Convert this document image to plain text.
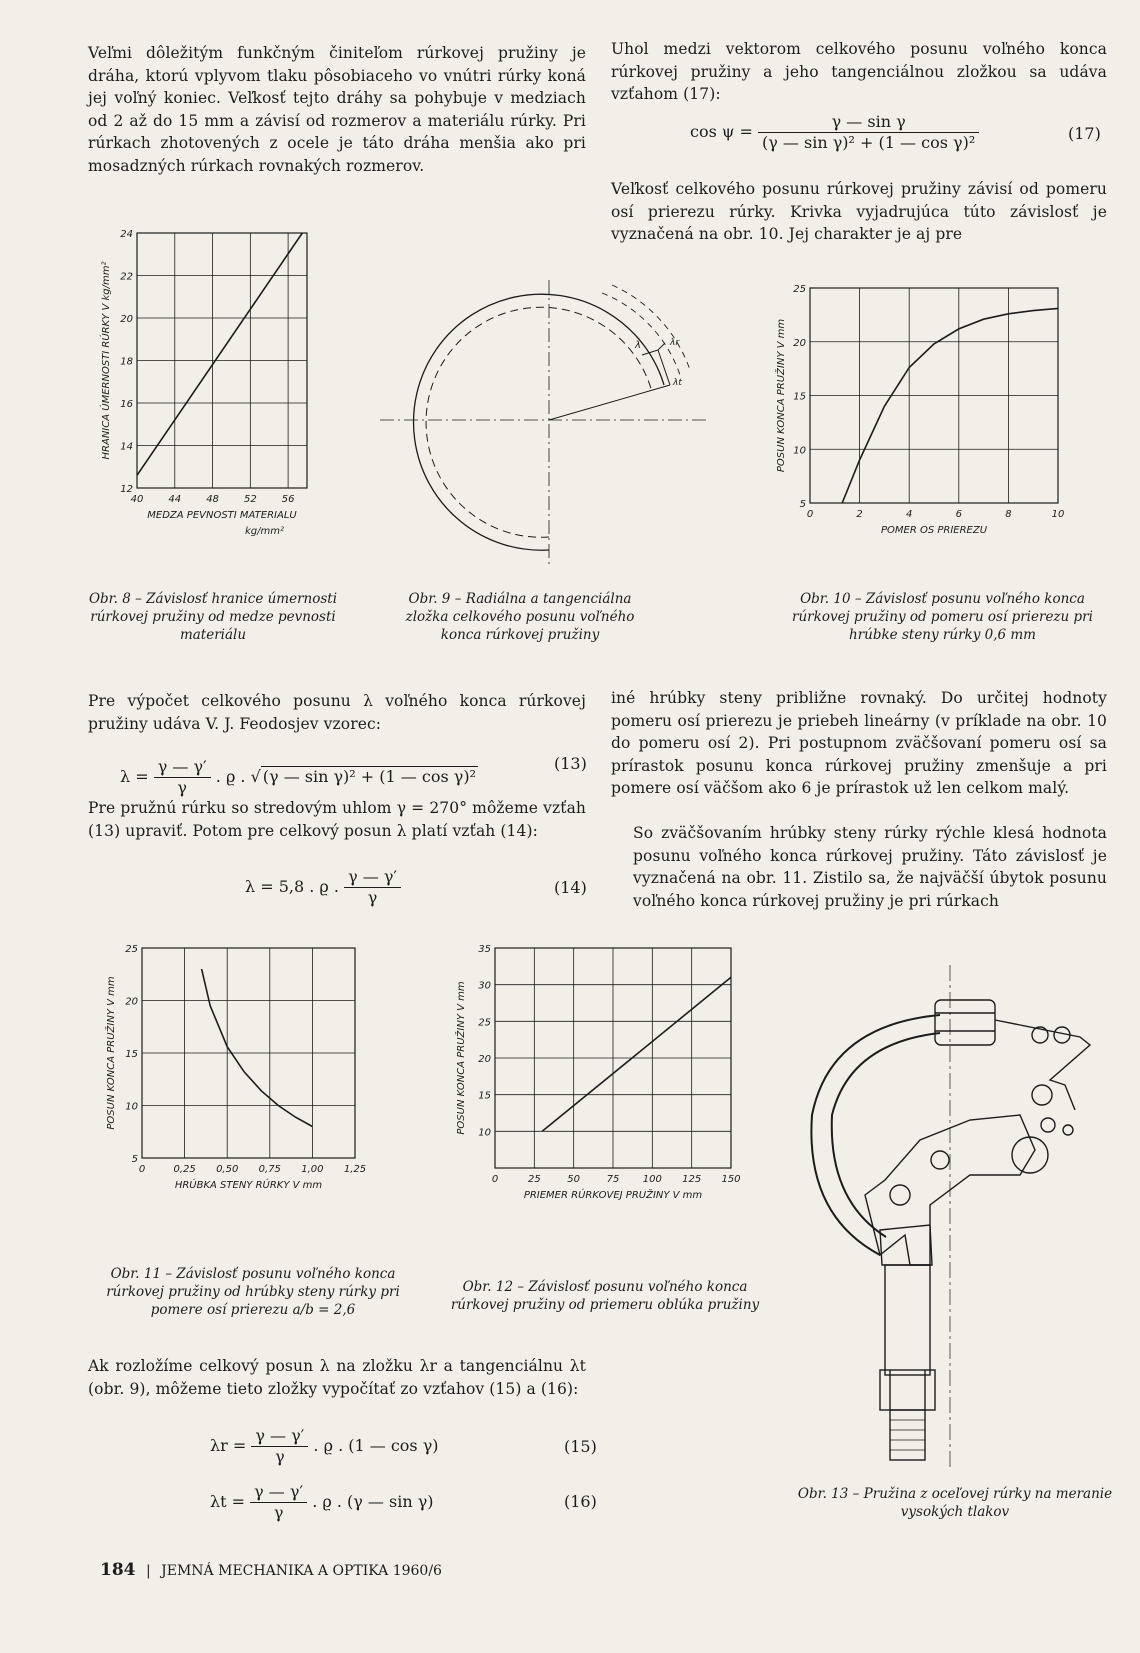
Veľmi dôležitým funkčným činiteľom rúrkovej pružiny je dráha, ktorú vplyvom tlaku pôsobiaceho vo vnútri rúrky koná jej voľný koniec. Veľkosť tejto dráhy sa pohybuje v medziach od 2 až do 15 mm a závisí od rozmerov a materiálu rúrky. Pri rúrkach zhotovených z ocele je táto dráha menšia ako pri mosadzných rúrkach rovnakých rozmerov.
Uhol medzi vektorom celkového posunu voľného konca rúrkovej pružiny a jeho tangenciálnou zložkou sa udáva vzťahom (17):
$\cos \psi = \frac{\text{γ — sin γ}}{\text{(γ — sin γ)² + (1 — cos γ)²}}$	(17)
Veľkosť celkového posunu rúrkovej pružiny závisí od pomeru osí prierezu rúrky. Krivka vyjadrujúca túto závislosť je vyznačená na obr. 10. Jej charakter je aj pre
40	44	48	52	56
12
14
16
18
20
22
24
MEDZA PEVNOSTI MATERIALU
kg/mm²
HRANICA ÚMERNOSTI RÚRKY V kg/mm²	λ	λr
λt
0	2	4	6	8	10
5
10
15
20
25
POMER OS PRIEREZU
POSUN KONCA PRUŽINY V mm
Obr. 8 – Závislosť hranice úmernosti rúrkovej pružiny od medze pevnosti materiálu
Obr. 9 – Radiálna a tangenciálna zložka celkového posunu voľného konca rúrkovej pružiny
Obr. 10 – Závislosť posunu voľného konca rúrkovej pružiny od pomeru osí prierezu pri hrúbke steny rúrky 0,6 mm
Pre výpočet celkového posunu λ voľného konca rúrkovej pružiny udáva V. J. Feodosjev vzorec:
$\lambda = \frac{\gamma — \gamma'}{\gamma}$ . ϱ . √ (γ — sin γ)² + (1 — cos γ)²
(13)
Pre pružnú rúrku so stredovým uhlom γ = 270° môžeme vzťah (13) upraviť. Potom pre celkový posun λ platí vzťah (14):
λ = 5,8 . ϱ . $\frac{\gamma — \gamma'}{\gamma}$	(14)
iné hrúbky steny približne rovnaký. Do určitej hodnoty pomeru osí prierezu je priebeh lineárny (v príklade na obr. 10 do pomeru osí 2). Pri postupnom zväčšovaní pomeru osí sa prírastok posunu konca rúrkovej pružiny zmenšuje a pri pomere osí väčšom ako 6 je prírastok už len celkom malý.
So zväčšovaním hrúbky steny rúrky rýchle klesá hodnota posunu voľného konca rúrkovej pružiny. Táto závislosť je vyznačená na obr. 11. Zistilo sa, že najväčší úbytok posunu voľného konca rúrkovej pružiny je pri rúrkach
0	0,25 0,50 0,75 1,00 1,25
5
10
15
20
25
HRÚBKA STENY RÚRKY V mm
POSUN KONCA PRUŽINY V mm
0	25	50	75 100 125 150
10
15
20
25
30
35
PRIEMER RÚRKOVEJ PRUŽINY V mm
POSUN KONCA PRUŽINY V mm
Obr. 11 – Závislosť posunu voľného konca rúrkovej pružiny od hrúbky steny rúrky pri pomere osí prierezu a/b = 2,6
Obr. 12 – Závislosť posunu voľného konca rúrkovej pružiny od priemeru oblúka pružiny
Ak rozložíme celkový posun λ na zložku λr a tangenciálnu λt (obr. 9), môžeme tieto zložky vypočítať zo vzťahov (15) a (16):
$\lambda r = \frac{\gamma — \gamma'}{\gamma}$ . ϱ . (1 — cos γ)	(15)
$\lambda t = \frac{\gamma — \gamma'}{\gamma}$ . ϱ . (γ — sin γ)	(16)	Obr. 13 – Pružina z oceľovej rúrky na meranie vysokých tlakov
184 | JEMNÁ MECHANIKA A OPTIKA 1960/6
